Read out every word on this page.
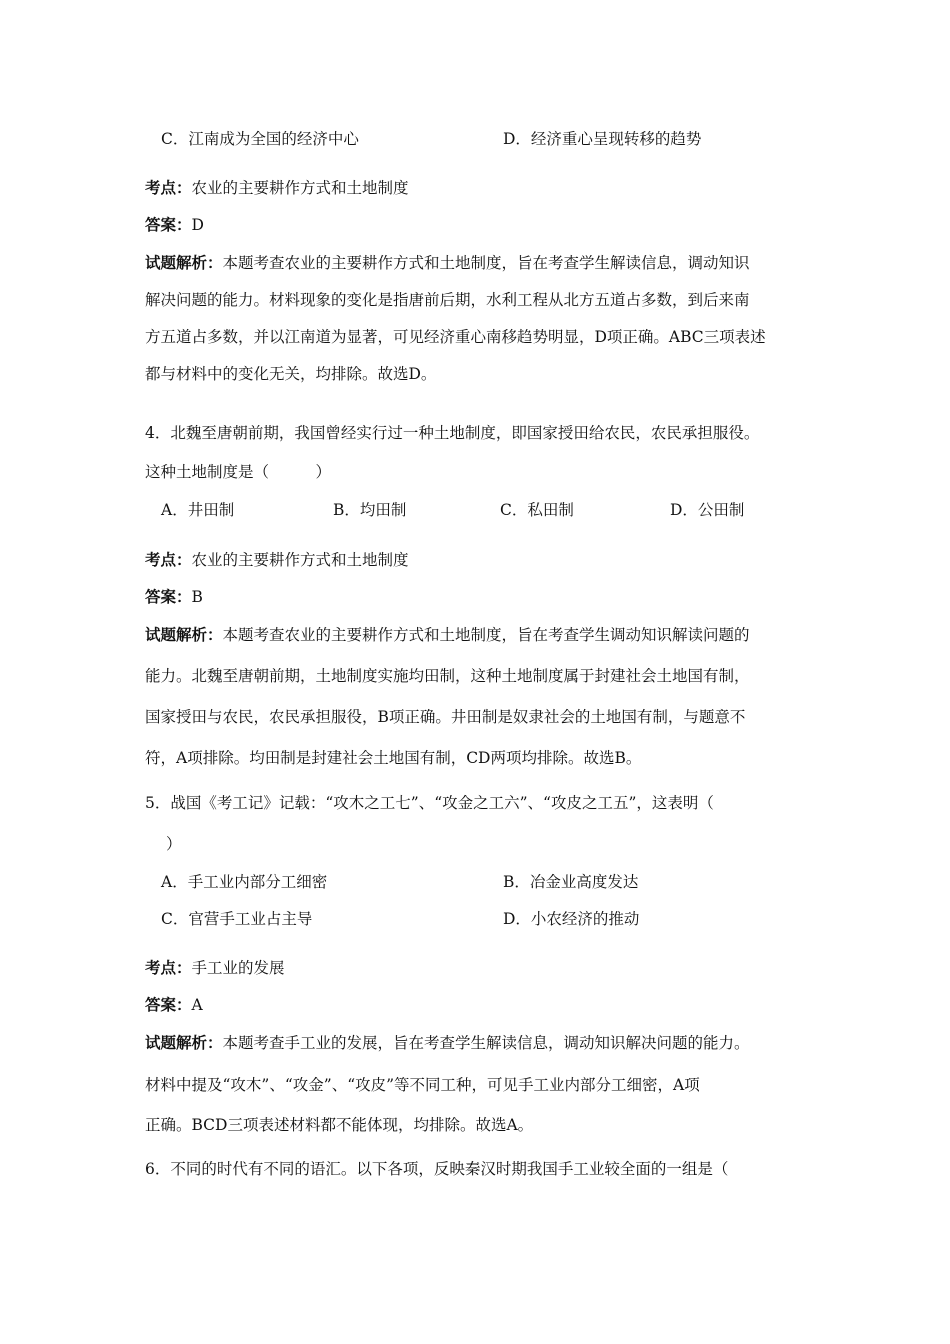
C．江南成为全国的经济中心	D．经济重心呈现转移的趋势
考点：农业的主要耕作方式和土地制度
答案：D
试题解析：本题考查农业的主要耕作方式和土地制度，旨在考查学生解读信息，调动知识
解决问题的能力。材料现象的变化是指唐前后期，水利工程从北方五道占多数，到后来南
方五道占多数，并以江南道为显著，可见经济重心南移趋势明显，D项正确。ABC三项表述
都与材料中的变化无关，均排除。故选D。
4．北魏至唐朝前期，我国曾经实行过一种土地制度，即国家授田给农民，农民承担服役。
这种土地制度是（　　　）
A．井田制	B．均田制	C．私田制	D．公田制
考点：农业的主要耕作方式和土地制度
答案：B
试题解析：本题考查农业的主要耕作方式和土地制度，旨在考查学生调动知识解读问题的
能力。北魏至唐朝前期，土地制度实施均田制，这种土地制度属于封建社会土地国有制，
国家授田与农民，农民承担服役，B项正确。井田制是奴隶社会的土地国有制，与题意不
符，A项排除。均田制是封建社会土地国有制，CD两项均排除。故选B。
5．战国《考工记》记载：“攻木之工七”、“攻金之工六”、“攻皮之工五”，这表明（
）
A．手工业内部分工细密	B．冶金业高度发达
C．官营手工业占主导	D．小农经济的推动
考点：手工业的发展
答案：A
试题解析：本题考查手工业的发展，旨在考查学生解读信息，调动知识解决问题的能力。
材料中提及“攻木”、“攻金”、“攻皮”等不同工种，可见手工业内部分工细密，A项
正确。BCD三项表述材料都不能体现，均排除。故选A。
6．不同的时代有不同的语汇。以下各项，反映秦汉时期我国手工业较全面的一组是（
